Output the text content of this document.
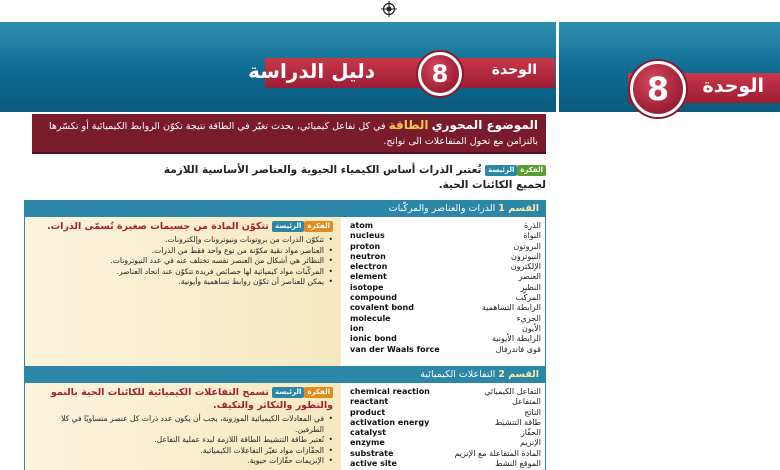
الوحدة
8
الوحدة
دليل الدراسة	8
الموضوع المحوري الطاقة في كل تفاعل كيميائي، يحدث تغيّر في الطاقة نتيجة تكوّن الروابط الكيميائية أو تكسّرها بالتزامن مع تحول المتفاعلات الى نواتج.
الفكرةالرئيسة تُعتبر الذرات أساس الكيمياء الحيوية والعناصر الأساسية اللازمة لجميع الكائنات الحية.
القسم 1 الذرات والعناصر والمركّبات
الذرة
atom
النواة
nucleus
البروتون
proton
النيوترون
neutron
الإلكترون
electron
العنصر
element
النظير
isotope
المركّب
compound
الرابطة التساهمية
covalent bond
الجزيء
molecule
الأيون
ion
الرابطة الأيونية
ionic bond
قوى فاندرفال
van der Waals force
الفكرةالرئيسة تتكوّن المادة من جسيمات صغيرة تُسمّى الذرات.
• تتكوّن الذرات من بروتونات ونيوترونات وإلكترونات.
• العناصر مواد نقية مكوّنة من نوع واحد فقط من الذرات.
• النظائر هي أشكال من العنصر نفسه تختلف عنه في عدد النيوترونات.
• المركّبات مواد كيميائية لها خصائص فريدة تتكوّن عند اتحاد العناصر.
• يمكن للعناصر أن تكوّن روابط تساهمية وأيونية.
القسم 2 التفاعلات الكيميائية
التفاعل الكيميائي
chemical reaction
المتفاعل
reactant
الناتج
product
طاقة التنشيط
activation energy
الحفّاز
catalyst
الإنزيم
enzyme
المادة المتفاعلة مع الإنزيم
substrate
الموقع النشط
active site
الفكرةالرئيسة تسمح التفاعلات الكيميائية للكائنات الحية بالنمو والتطور والتكاثر والتكيف.
• في المعادلات الكيميائية الموزونة، يجب أن يكون عدد ذرات كل عنصر متساويًا في كلا الطرفين.
• تُعتبر طاقة التنشيط الطاقة اللازمة لبدء عملية التفاعل.
• الحفّازات مواد تغيّر التفاعلات الكيميائية.
• الإنزيمات حفّازات حيوية.
